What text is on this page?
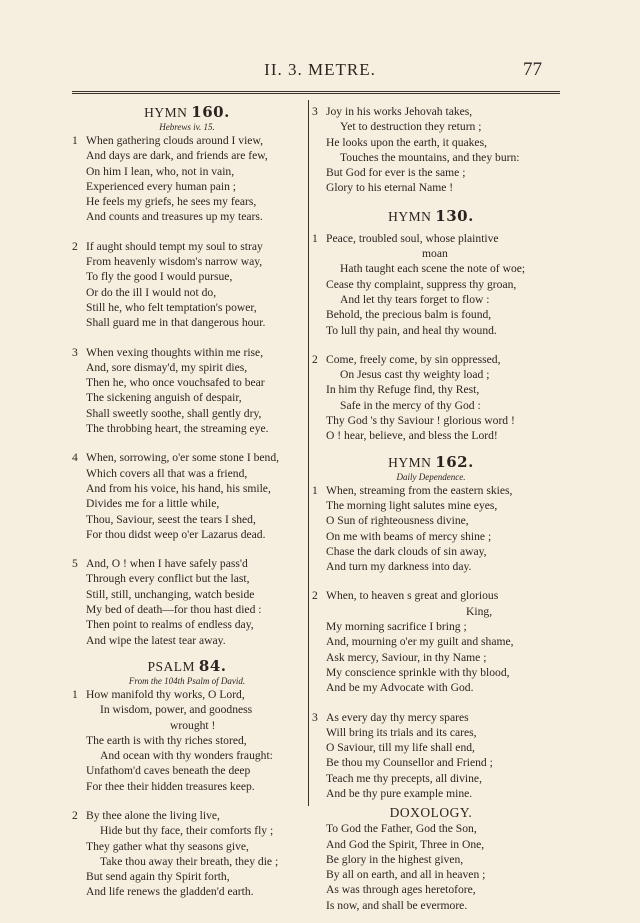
II. 3. METRE.	77

HYMN 160.

Hebrews iv. 15.

1 When gathering clouds around I view,
And days are dark, and friends are few,
On him I lean, who, not in vain,
Experienced every human pain ;
He feels my griefs, he sees my fears,
And counts and treasures up my tears.
2 If aught should tempt my soul to stray
From heavenly wisdom's narrow way,
To fly the good I would pursue,
Or do the ill I would not do,
Still he, who felt temptation's power,
Shall guard me in that dangerous hour.
3 When vexing thoughts within me rise,
And, sore dismay'd, my spirit dies,
Then he, who once vouchsafed to bear
The sickening anguish of despair,
Shall sweetly soothe, shall gently dry,
The throbbing heart, the streaming eye.
4 When, sorrowing, o'er some stone I bend,
Which covers all that was a friend,
And from his voice, his hand, his smile,
Divides me for a little while,
Thou, Saviour, seest the tears I shed,
For thou didst weep o'er Lazarus dead.
5 And, O ! when I have safely pass'd
Through every conflict but the last,
Still, still, unchanging, watch beside
My bed of death—for thou hast died :
Then point to realms of endless day,
And wipe the latest tear away.

PSALM 84.

From the 104th Psalm of David.

1 How manifold thy works, O Lord,
In wisdom, power, and goodness
wrought !
The earth is with thy riches stored,
And ocean with thy wonders fraught:
Unfathom'd caves beneath the deep
For thee their hidden treasures keep.
2 By thee alone the living live,
Hide but thy face, their comforts fly ;
They gather what thy seasons give,
Take thou away their breath, they die ;
But send again thy Spirit forth,
And life renews the gladden'd earth.
3 Joy in his works Jehovah takes,
Yet to destruction they return ;
He looks upon the earth, it quakes,
Touches the mountains, and they burn:
But God for ever is the same ;
Glory to his eternal Name !

HYMN 130.

1 Peace, troubled soul, whose plaintive
moan
Hath taught each scene the note of woe;
Cease thy complaint, suppress thy groan,
And let thy tears forget to flow :
Behold, the precious balm is found,
To lull thy pain, and heal thy wound.
2 Come, freely come, by sin oppressed,
On Jesus cast thy weighty load ;
In him thy Refuge find, thy Rest,
Safe in the mercy of thy God :
Thy God 's thy Saviour ! glorious word !
O ! hear, believe, and bless the Lord!

HYMN 162.

Daily Dependence.

1 When, streaming from the eastern skies,
The morning light salutes mine eyes,
O Sun of righteousness divine,
On me with beams of mercy shine ;
Chase the dark clouds of sin away,
And turn my darkness into day.
2 When, to heaven s great and glorious
King,
My morning sacrifice I bring ;
And, mourning o'er my guilt and shame,
Ask mercy, Saviour, in thy Name ;
My conscience sprinkle with thy blood,
And be my Advocate with God.
3 As every day thy mercy spares
Will bring its trials and its cares,
O Saviour, till my life shall end,
Be thou my Counsellor and Friend ;
Teach me thy precepts, all divine,
And be thy pure example mine.

DOXOLOGY.

To God the Father, God the Son,
And God the Spirit, Three in One,
Be glory in the highest given,
By all on earth, and all in heaven ;
As was through ages heretofore,
Is now, and shall be evermore.
